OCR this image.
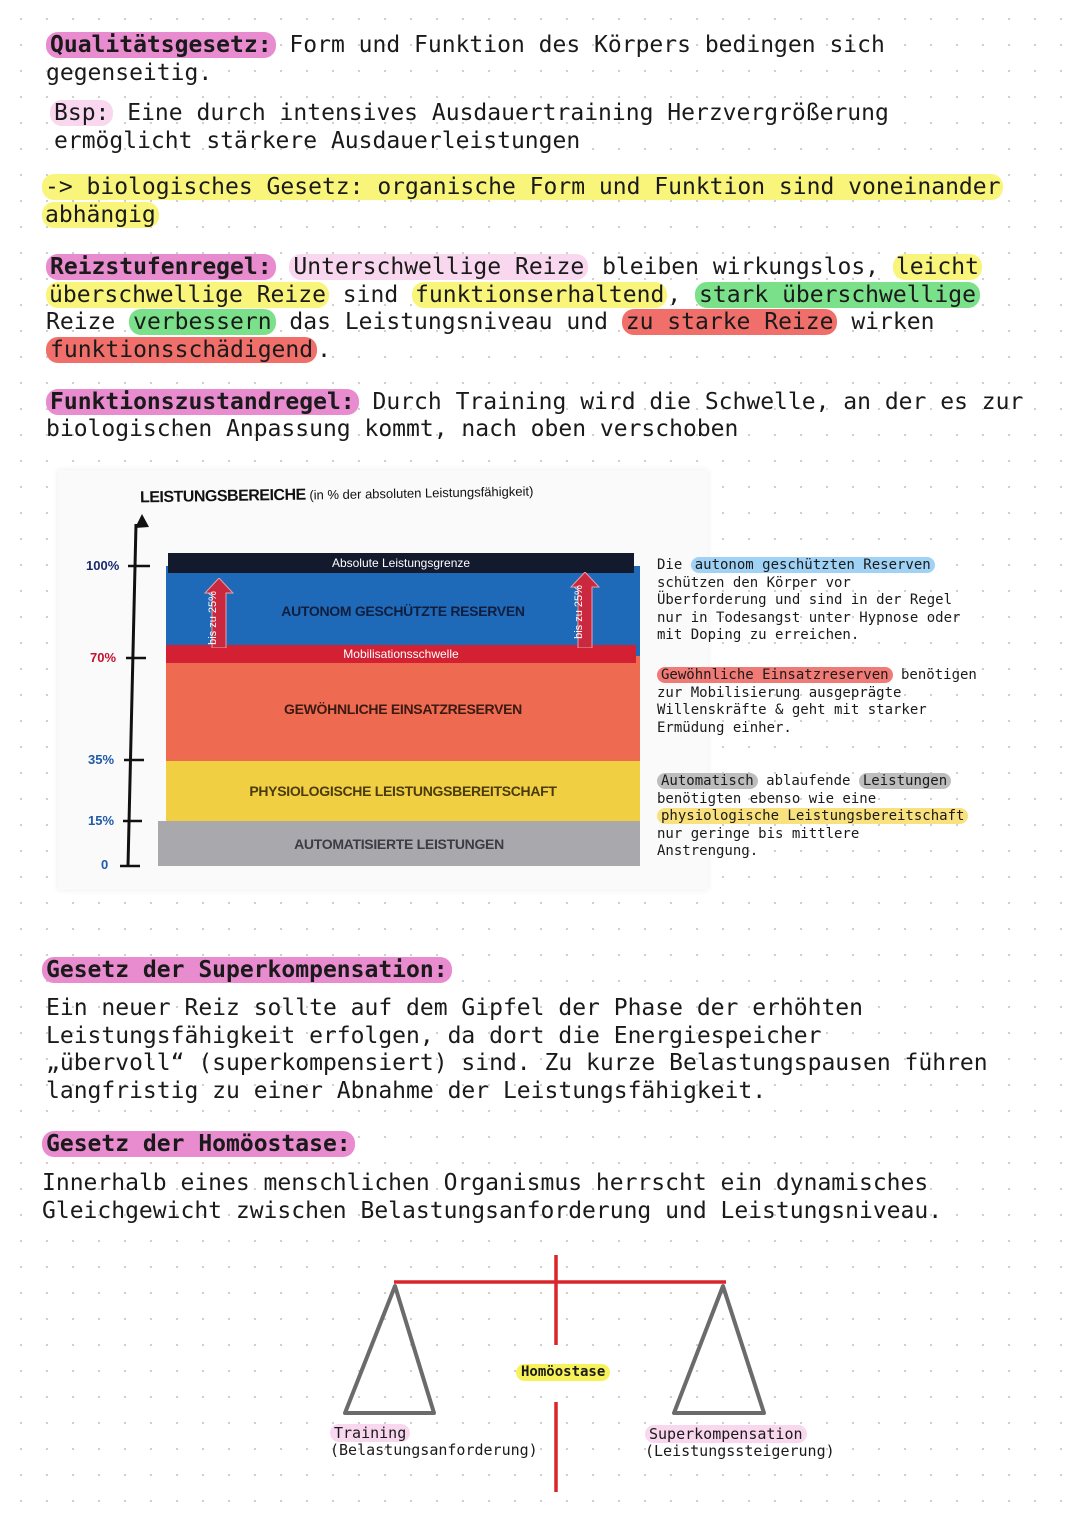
Qualitätsgesetz: Form und Funktion des Körpers bedingen sich
gegenseitig.
Bsp: Eine durch intensives Ausdauertraining Herzvergrößerung
ermöglicht stärkere Ausdauerleistungen
-> biologisches Gesetz: organische Form und Funktion sind voneinander
abhängig
Reizstufenregel: Unterschwellige Reize bleiben wirkungslos, leicht
überschwellige Reize sind funktionserhaltend , stark überschwellige
Reize verbessern das Leistungsniveau und zu starke Reize wirken
funktionsschädigend .
Funktionszustandregel: Durch Training wird die Schwelle, an der es zur
biologischen Anpassung kommt, nach oben verschoben
LEISTUNGSBEREICHE (in % der absoluten Leistungsfähigkeit)
100%
70%
35%
15%
0
AUTONOM GESCHÜTZTE RESERVEN
GEWÖHNLICHE EINSATZRESERVEN
PHYSIOLOGISCHE LEISTUNGSBEREITSCHAFT
AUTOMATISIERTE LEISTUNGEN
Absolute Leistungsgrenze
Mobilisationsschwelle
bis zu 25%	bis zu 25%
Die autonom geschützten Reserven
schützen den Körper vor
Überforderung und sind in der Regel
nur in Todesangst unter Hypnose oder
mit Doping zu erreichen.
Gewöhnliche Einsatzreserven benötigen
zur Mobilisierung ausgeprägte
Willenskräfte & geht mit starker
Ermüdung einher.
Automatisch ablaufende Leistungen
benötigten ebenso wie eine
physiologische Leistungsbereitschaft
nur geringe bis mittlere
Anstrengung.
Gesetz der Superkompensation:
Ein neuer Reiz sollte auf dem Gipfel der Phase der erhöhten
Leistungsfähigkeit erfolgen, da dort die Energiespeicher
„übervoll“ (superkompensiert) sind. Zu kurze Belastungspausen führen
langfristig zu einer Abnahme der Leistungsfähigkeit.
Gesetz der Homöostase:
Innerhalb eines menschlichen Organismus herrscht ein dynamisches
Gleichgewicht zwischen Belastungsanforderung und Leistungsniveau.
Homöostase
Training
(Belastungsanforderung)
Superkompensation
(Leistungssteigerung)
